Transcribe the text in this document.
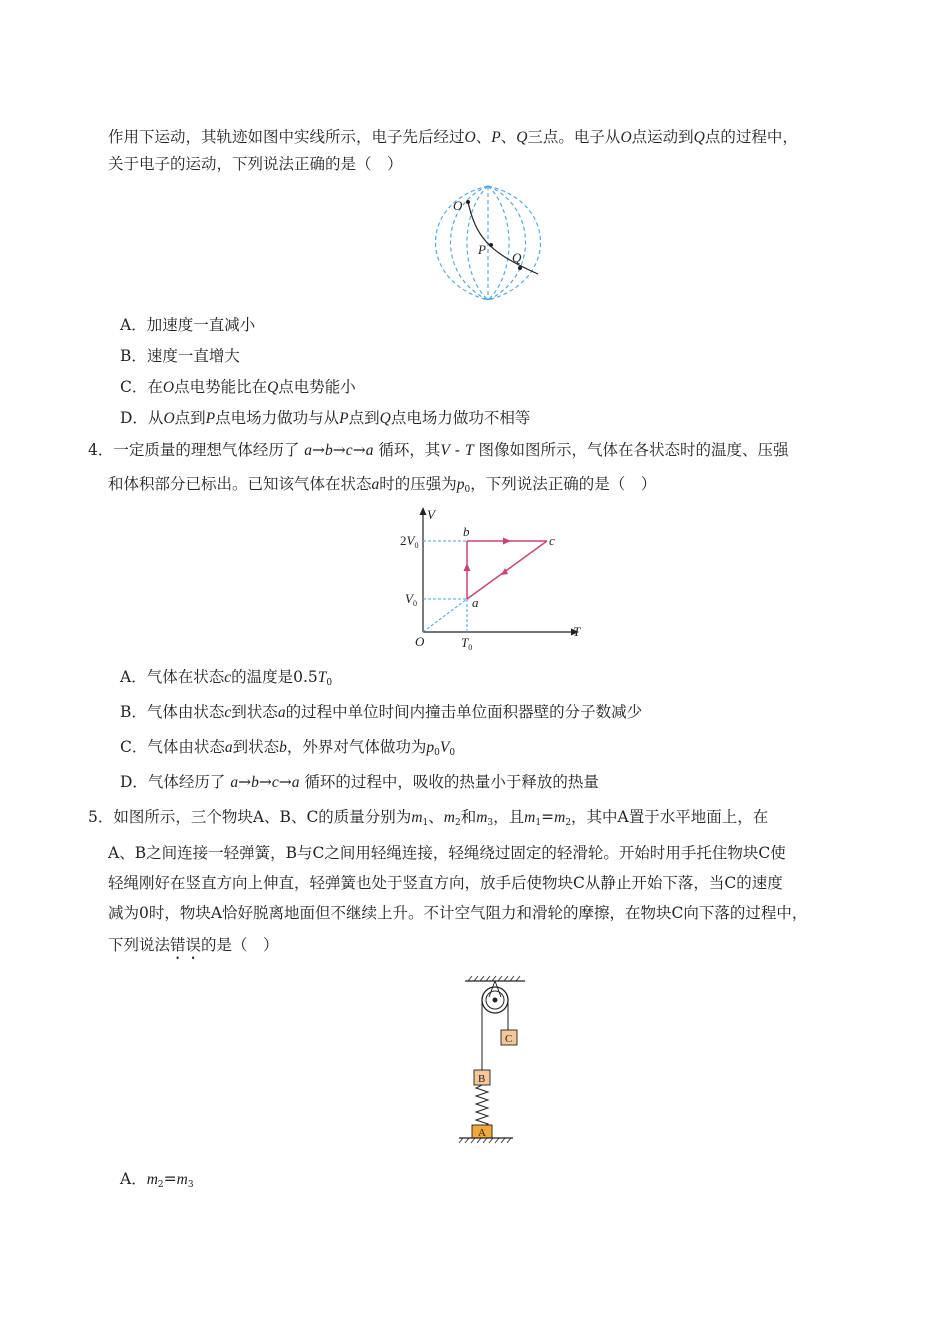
作用下运动，其轨迹如图中实线所示，电子先后经过O、P、Q三点。电子从O点运动到Q点的过程中，
关于电子的运动，下列说法正确的是（　）
O
P
Q
A．加速度一直减小
B．速度一直增大
C．在O点电势能比在Q点电势能小
D．从O点到P点电场力做功与从P点到Q点电场力做功不相等
4．一定质量的理想气体经历了 a→b→c→a 循环，其V - T 图像如图所示，气体在各状态时的温度、压强
和体积部分已标出。已知该气体在状态a时的压强为$p_0$，下列说法正确的是（　）
V
T
O
$2V_0$
$V_0$
$T_0$
b
c
a
A．气体在状态c的温度是$0.5T_0$
B．气体由状态c到状态a的过程中单位时间内撞击单位面积器壁的分子数减少
C．气体由状态a到状态b，外界对气体做功为$p_0V_0$
D．气体经历了 a→b→c→a 循环的过程中，吸收的热量小于释放的热量
5．如图所示，三个物块A、B、C的质量分别为$m_1$、$m_2$和$m_3$，且$m_1=m_2$，其中A置于水平地面上，在
A、B之间连接一轻弹簧，B与C之间用轻绳连接，轻绳绕过固定的轻滑轮。开始时用手托住物块C使
轻绳刚好在竖直方向上伸直，轻弹簧也处于竖直方向，放手后使物块C从静止开始下落，当C的速度
减为0时，物块A恰好脱离地面但不继续上升。不计空气阻力和滑轮的摩擦，在物块C向下落的过程中，
下列说法错误的是（　）
C
B
A
A．$m_2=m_3$
